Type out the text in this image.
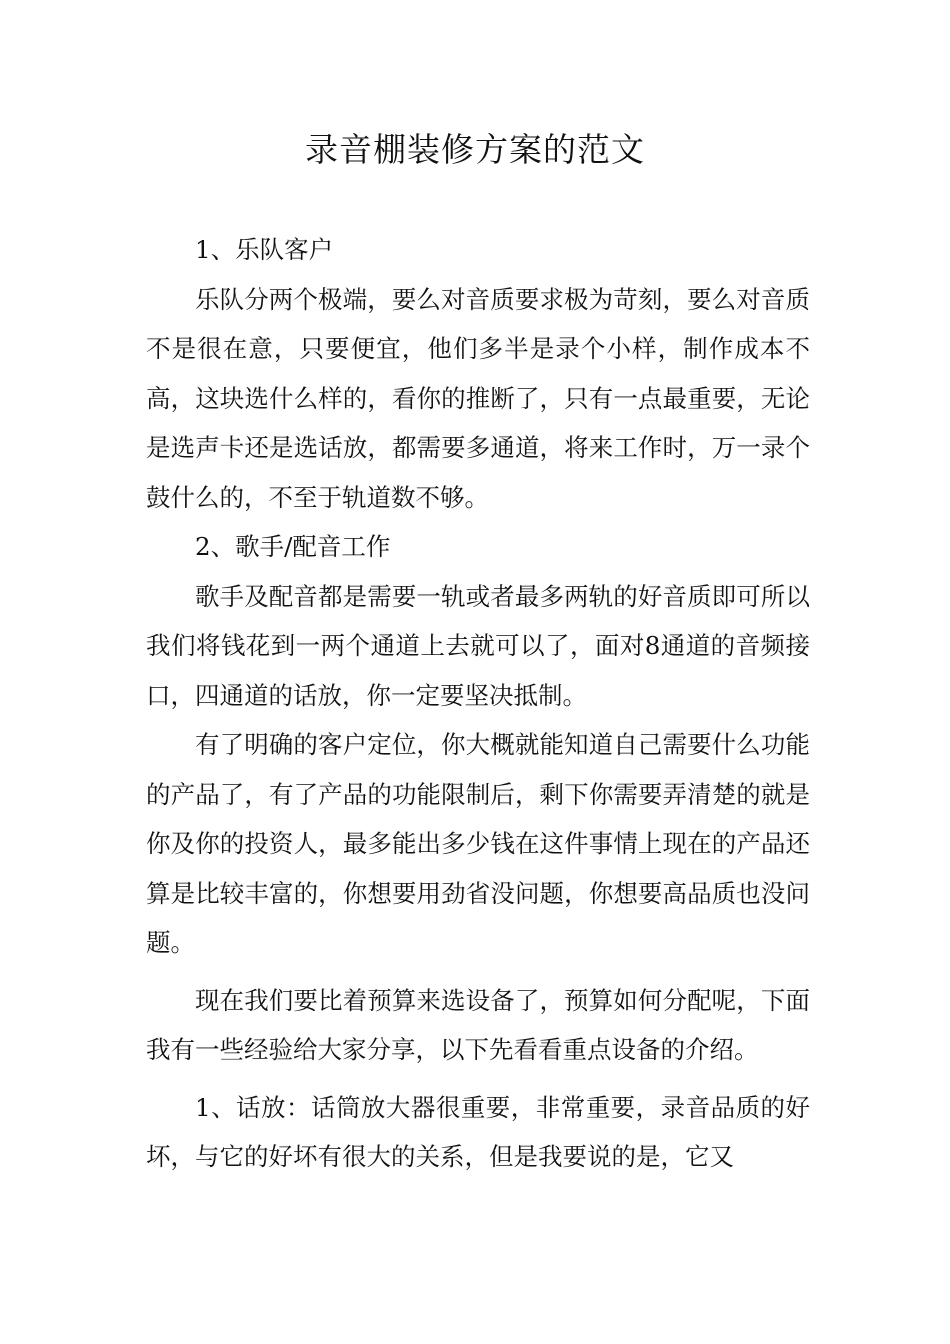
录音棚装修方案的范文

1、乐队客户

乐队分两个极端，要么对音质要求极为苛刻，要么对音质不是很在意，只要便宜，他们多半是录个小样，制作成本不高，这块选什么样的，看你的推断了，只有一点最重要，无论是选声卡还是选话放，都需要多通道，将来工作时，万一录个鼓什么的，不至于轨道数不够。

2、歌手/配音工作

歌手及配音都是需要一轨或者最多两轨的好音质即可所以我们将钱花到一两个通道上去就可以了，面对8通道的音频接口，四通道的话放，你一定要坚决抵制。

有了明确的客户定位，你大概就能知道自己需要什么功能的产品了，有了产品的功能限制后，剩下你需要弄清楚的就是你及你的投资人，最多能出多少钱在这件事情上现在的产品还算是比较丰富的，你想要用劲省没问题，你想要高品质也没问题。

现在我们要比着预算来选设备了，预算如何分配呢，下面我有一些经验给大家分享，以下先看看重点设备的介绍。

1、话放：话筒放大器很重要，非常重要，录音品质的好坏，与它的好坏有很大的关系，但是我要说的是，它又
